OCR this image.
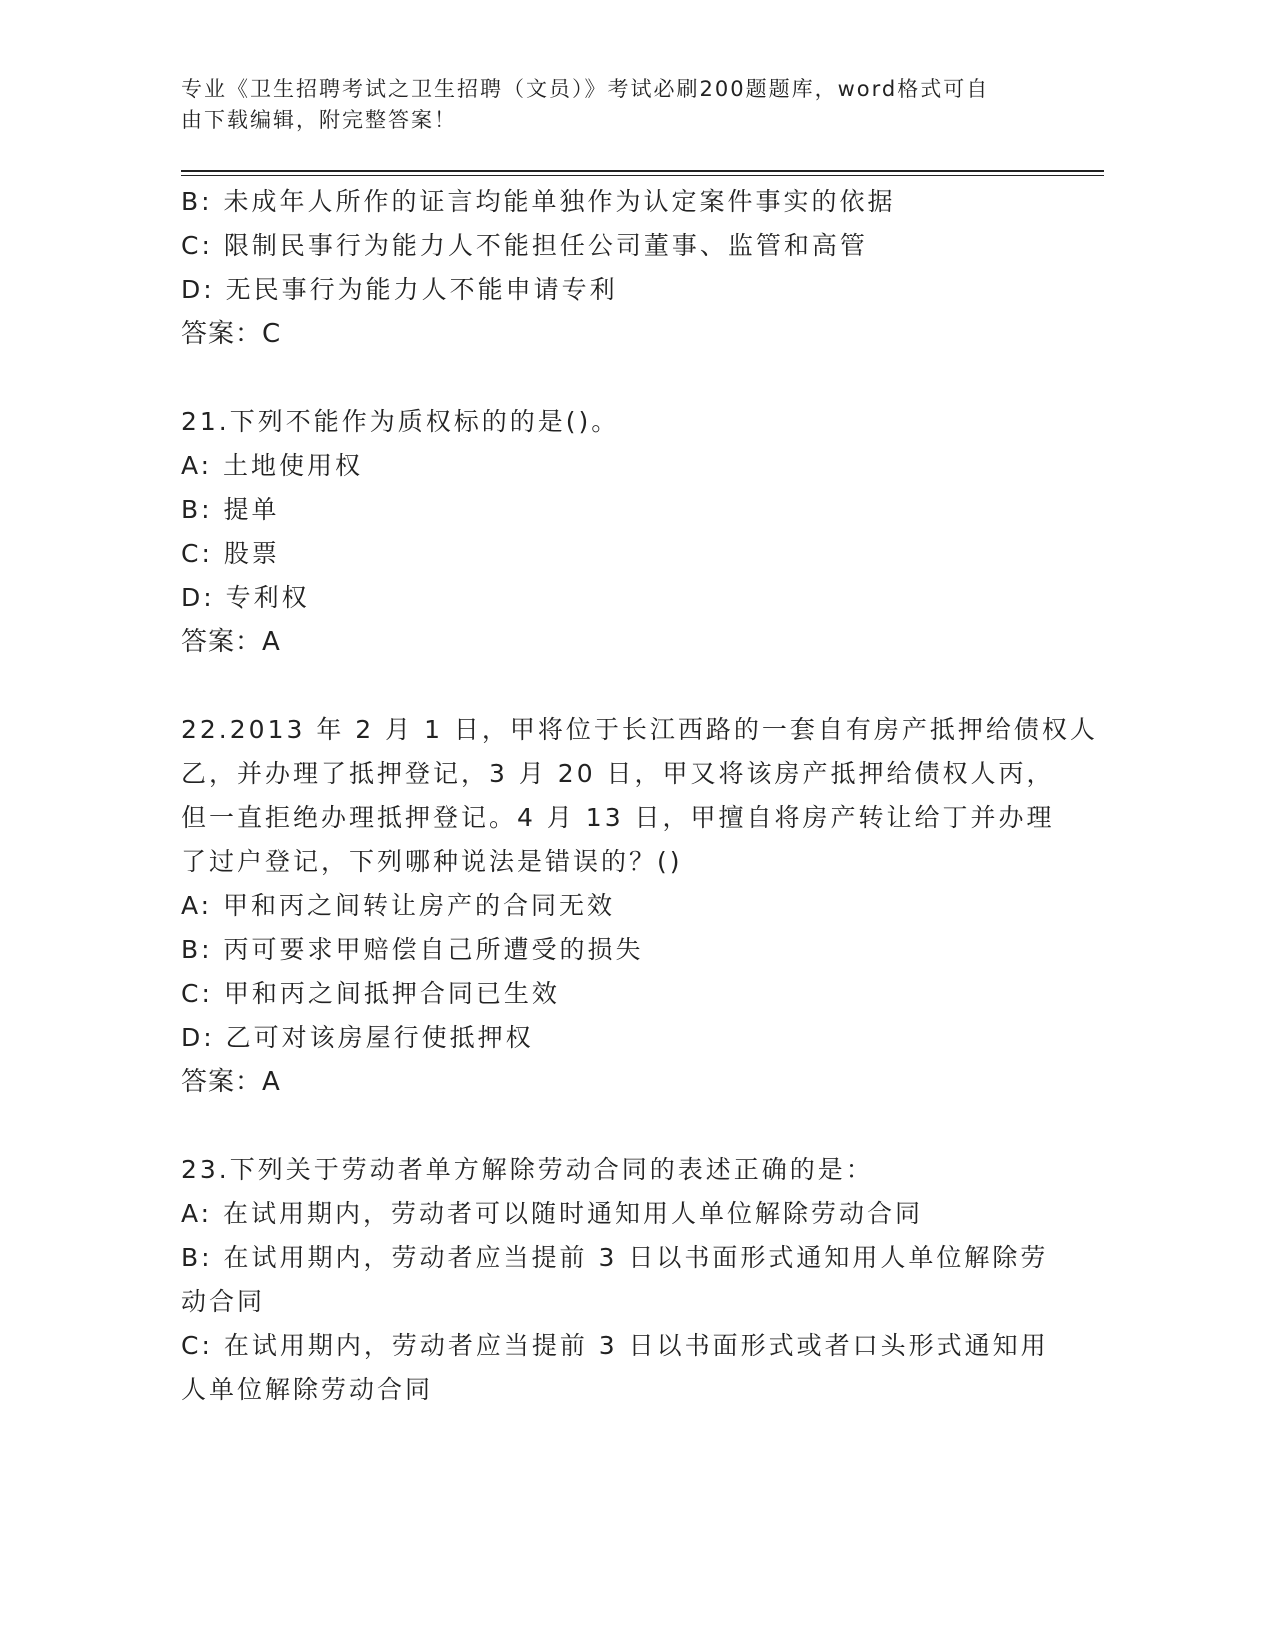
专业《卫生招聘考试之卫生招聘（文员）》考试必刷200题题库，word格式可自
由下载编辑，附完整答案！
B: 未成年人所作的证言均能单独作为认定案件事实的依据
C: 限制民事行为能力人不能担任公司董事、监管和高管
D: 无民事行为能力人不能申请专利
答案：C
21.下列不能作为质权标的的是()。
A: 土地使用权
B: 提单
C: 股票
D: 专利权
答案：A
22.2013 年 2 月 1 日，甲将位于长江西路的一套自有房产抵押给债权人
乙，并办理了抵押登记，3 月 20 日，甲又将该房产抵押给债权人丙，
但一直拒绝办理抵押登记。4 月 13 日，甲擅自将房产转让给丁并办理
了过户登记，下列哪种说法是错误的？()
A: 甲和丙之间转让房产的合同无效
B: 丙可要求甲赔偿自己所遭受的损失
C: 甲和丙之间抵押合同已生效
D: 乙可对该房屋行使抵押权
答案：A
23.下列关于劳动者单方解除劳动合同的表述正确的是：
A: 在试用期内，劳动者可以随时通知用人单位解除劳动合同
B: 在试用期内，劳动者应当提前 3 日以书面形式通知用人单位解除劳
动合同
C: 在试用期内，劳动者应当提前 3 日以书面形式或者口头形式通知用
人单位解除劳动合同
